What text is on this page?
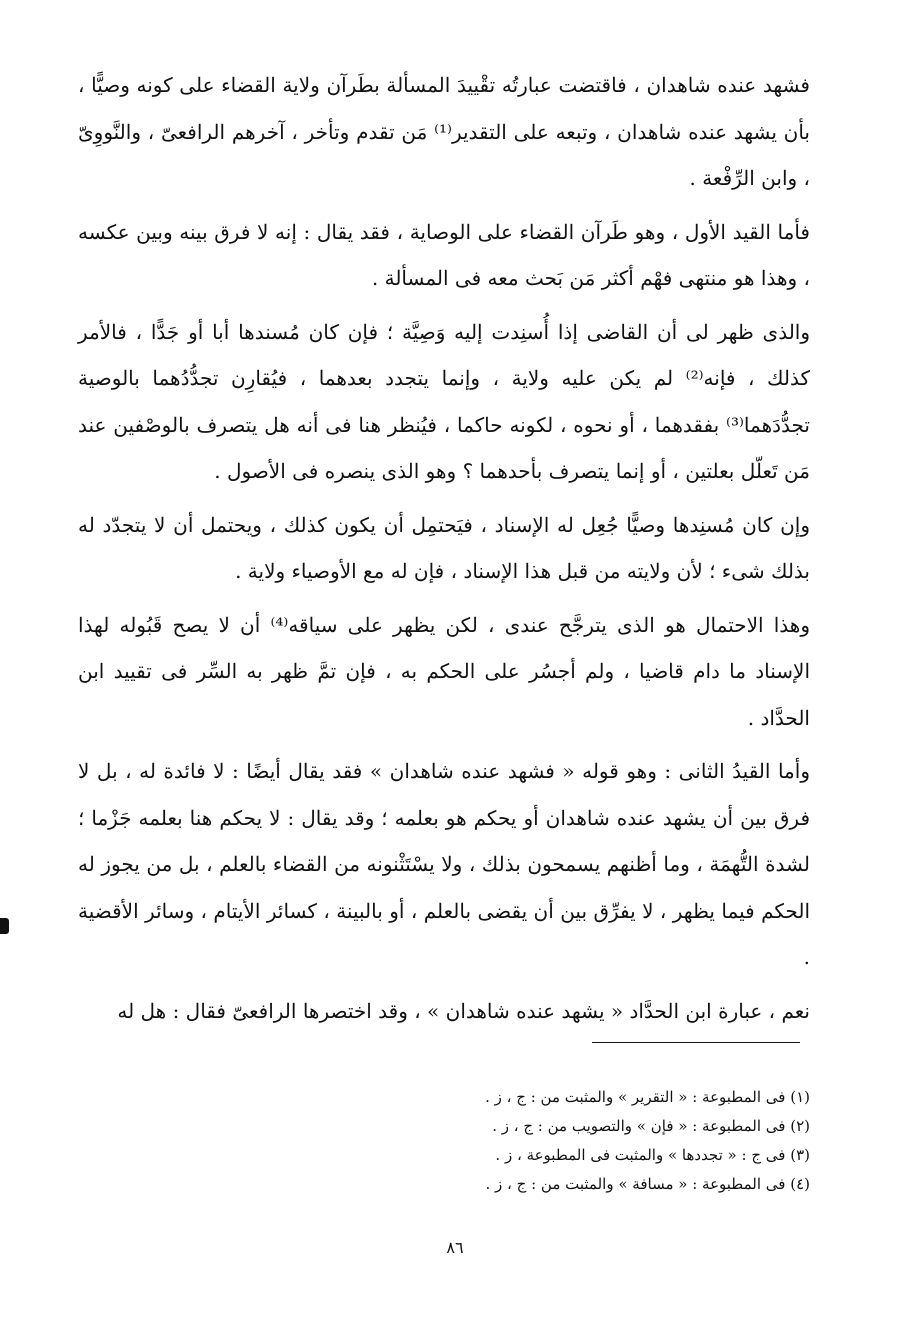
فشهد عنده شاهدان ، فاقتضت عبارتُه تقْييدَ المسألة بطَرآن ولاية القضاء على كونه وصيًّا ، بأن يشهد عنده شاهدان ، وتبعه على التقدير⁽¹⁾ مَن تقدم وتأخر ، آخرهم الرافعىّ ، والنَّووِىّ ، وابن الرِّفْعة .

فأما القيد الأول ، وهو طَرآن القضاء على الوصاية ، فقد يقال : إنه لا فرق بينه وبين عكسه ، وهذا هو منتهى فهْم أكثر مَن بَحث معه فى المسألة .

والذى ظهر لى أن القاضى إذا أُسنِدت إليه وَصِيَّة ؛ فإن كان مُسندها أبا أو جَدًّا ، فالأمر كذلك ، فإنه⁽²⁾ لم يكن عليه ولاية ، وإنما يتجدد بعدهما ، فيُقارِن تجدُّدُهما بالوصية تجدُّدَهما⁽³⁾ بفقدهما ، أو نحوه ، لكونه حاكما ، فيُنظر هنا فى أنه هل يتصرف بالوصْفين عند مَن تَعلّل بعلتين ، أو إنما يتصرف بأحدهما ؟ وهو الذى ينصره فى الأصول .

وإن كان مُسنِدها وصيًّا جُعِل له الإسناد ، فيَحتمِل أن يكون كذلك ، ويحتمل أن لا يتجدّد له بذلك شىء ؛ لأن ولايته من قبل هذا الإسناد ، فإن له مع الأوصياء ولاية .

وهذا الاحتمال هو الذى يترجَّح عندى ، لكن يظهر على سياقه⁽⁴⁾ أن لا يصح قَبُوله لهذا الإسناد ما دام قاضيا ، ولم أجسُر على الحكم به ، فإن تمَّ ظهر به السِّر فى تقييد ابن الحدَّاد .

وأما القيدُ الثانى : وهو قوله « فشهد عنده شاهدان » فقد يقال أيضًا : لا فائدة له ، بل لا فرق بين أن يشهد عنده شاهدان أو يحكم هو بعلمه ؛ وقد يقال : لا يحكم هنا بعلمه جَزْما ؛ لشدة التُّهمَة ، وما أظنهم يسمحون بذلك ، ولا يسْتَثْنونه من القضاء بالعلم ، بل من يجوز له الحكم فيما يظهر ، لا يفرِّق بين أن يقضى بالعلم ، أو بالبينة ، كسائر الأيتام ، وسائر الأقضية .

نعم ، عبارة ابن الحدَّاد « يشهد عنده شاهدان » ، وقد اختصرها الرافعىّ فقال : هل له

(١) فى المطبوعة : « التقرير » والمثبت من : ج ، ز .

(٢) فى المطبوعة : « فإن » والتصويب من : ج ، ز .

(٣) فى ج : « تجددها » والمثبت فى المطبوعة ، ز .

(٤) فى المطبوعة : « مسافة » والمثبت من : ج ، ز .

٨٦
